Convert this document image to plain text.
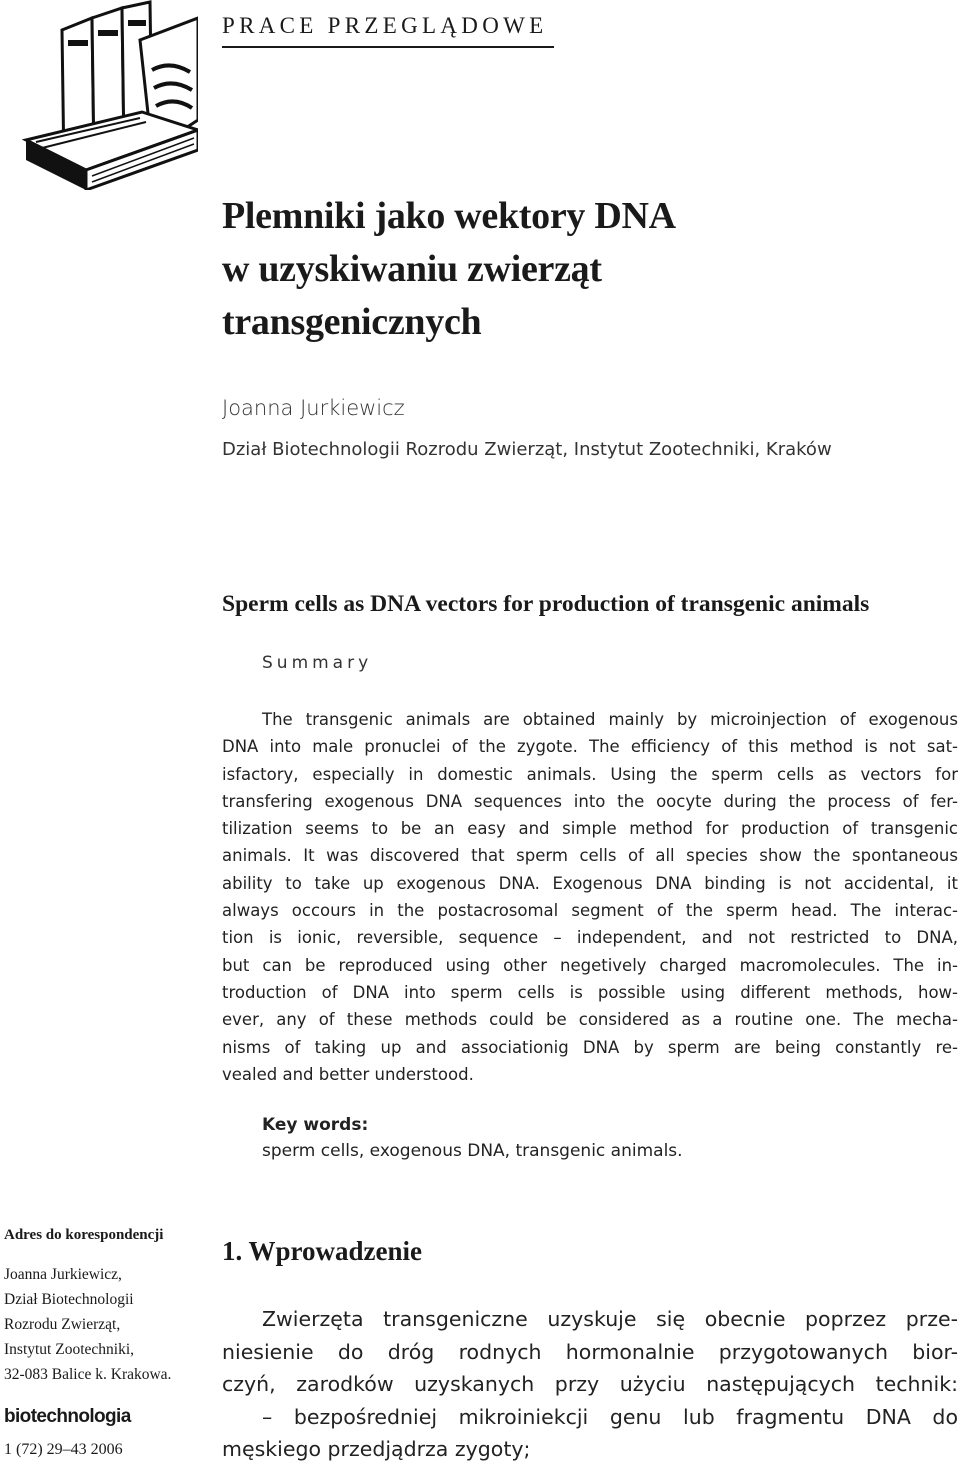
PRACE PRZEGLĄDOWE
Plemniki jako wektory DNA
w uzyskiwaniu zwierząt
transgenicznych
Joanna Jurkiewicz
Dział Biotechnologii Rozrodu Zwierząt, Instytut Zootechniki, Kraków
Sperm cells as DNA vectors for production of transgenic animals
Summary
The transgenic animals are obtained mainly by microinjection of exogenous
DNA into male pronuclei of the zygote. The efficiency of this method is not sat-
isfactory, especially in domestic animals. Using the sperm cells as vectors for
transfering exogenous DNA sequences into the oocyte during the process of fer-
tilization seems to be an easy and simple method for production of transgenic
animals. It was discovered that sperm cells of all species show the spontaneous
ability to take up exogenous DNA. Exogenous DNA binding is not accidental, it
always occours in the postacrosomal segment of the sperm head. The interac-
tion is ionic, reversible, sequence – independent, and not restricted to DNA,
but can be reproduced using other negetively charged macromolecules. The in-
troduction of DNA into sperm cells is possible using different methods, how-
ever, any of these methods could be considered as a routine one. The mecha-
nisms of taking up and associationig DNA by sperm are being constantly re-
vealed and better understood.
Key words:
sperm cells, exogenous DNA, transgenic animals.
Adres do korespondencji
Joanna Jurkiewicz,
Dział Biotechnologii
Rozrodu Zwierząt,
Instytut Zootechniki,
32-083 Balice k. Krakowa.
biotechnologia
1 (72) 29–43 2006
1. Wprowadzenie
Zwierzęta transgeniczne uzyskuje się obecnie poprzez prze-
niesienie do dróg rodnych hormonalnie przygotowanych bior-
czyń, zarodków uzyskanych przy użyciu następujących technik:
– bezpośredniej mikroiniekcji genu lub fragmentu DNA do
męskiego przedjądrza zygoty;
